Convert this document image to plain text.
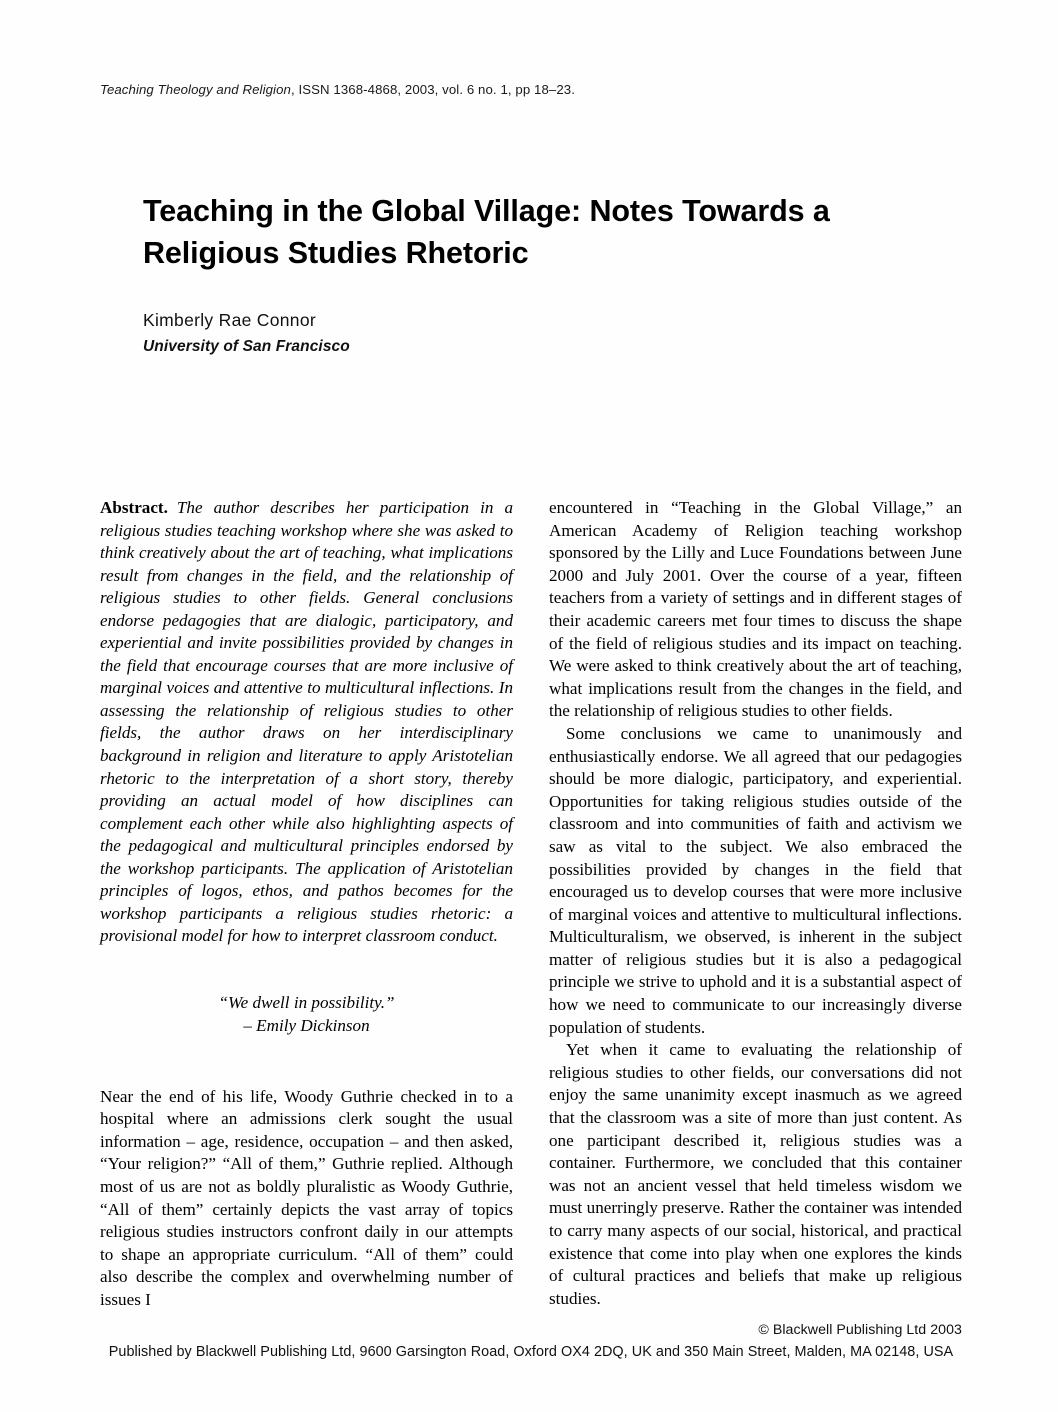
Teaching Theology and Religion, ISSN 1368-4868, 2003, vol. 6 no. 1, pp 18–23.
Teaching in the Global Village: Notes Towards a Religious Studies Rhetoric

Kimberly Rae Connor

University of San Francisco

Abstract. The author describes her participation in a religious studies teaching workshop where she was asked to think creatively about the art of teaching, what implications result from changes in the field, and the relationship of religious studies to other fields. General conclusions endorse pedagogies that are dialogic, participatory, and experiential and invite possibilities provided by changes in the field that encourage courses that are more inclusive of marginal voices and attentive to multicultural inflections. In assessing the relationship of religious studies to other fields, the author draws on her interdisciplinary background in religion and literature to apply Aristotelian rhetoric to the interpretation of a short story, thereby providing an actual model of how disciplines can complement each other while also highlighting aspects of the pedagogical and multicultural principles endorsed by the workshop participants. The application of Aristotelian principles of logos, ethos, and pathos becomes for the workshop participants a religious studies rhetoric: a provisional model for how to interpret classroom conduct.

“We dwell in possibility.”
– Emily Dickinson

Near the end of his life, Woody Guthrie checked in to a hospital where an admissions clerk sought the usual information – age, residence, occupation – and then asked, “Your religion?” “All of them,” Guthrie replied. Although most of us are not as boldly pluralistic as Woody Guthrie, “All of them” certainly depicts the vast array of topics religious studies instructors confront daily in our attempts to shape an appropriate curriculum. “All of them” could also describe the complex and overwhelming number of issues I

encountered in “Teaching in the Global Village,” an American Academy of Religion teaching workshop sponsored by the Lilly and Luce Foundations between June 2000 and July 2001. Over the course of a year, fifteen teachers from a variety of settings and in different stages of their academic careers met four times to discuss the shape of the field of religious studies and its impact on teaching. We were asked to think creatively about the art of teaching, what implications result from the changes in the field, and the relationship of religious studies to other fields.

Some conclusions we came to unanimously and enthusiastically endorse. We all agreed that our pedagogies should be more dialogic, participatory, and experiential. Opportunities for taking religious studies outside of the classroom and into communities of faith and activism we saw as vital to the subject. We also embraced the possibilities provided by changes in the field that encouraged us to develop courses that were more inclusive of marginal voices and attentive to multicultural inflections. Multiculturalism, we observed, is inherent in the subject matter of religious studies but it is also a pedagogical principle we strive to uphold and it is a substantial aspect of how we need to communicate to our increasingly diverse population of students.

Yet when it came to evaluating the relationship of religious studies to other fields, our conversations did not enjoy the same unanimity except inasmuch as we agreed that the classroom was a site of more than just content. As one participant described it, religious studies was a container. Furthermore, we concluded that this container was not an ancient vessel that held timeless wisdom we must unerringly preserve. Rather the container was intended to carry many aspects of our social, historical, and practical existence that come into play when one explores the kinds of cultural practices and beliefs that make up religious studies.

© Blackwell Publishing Ltd 2003

Published by Blackwell Publishing Ltd, 9600 Garsington Road, Oxford OX4 2DQ, UK and 350 Main Street, Malden, MA 02148, USA
